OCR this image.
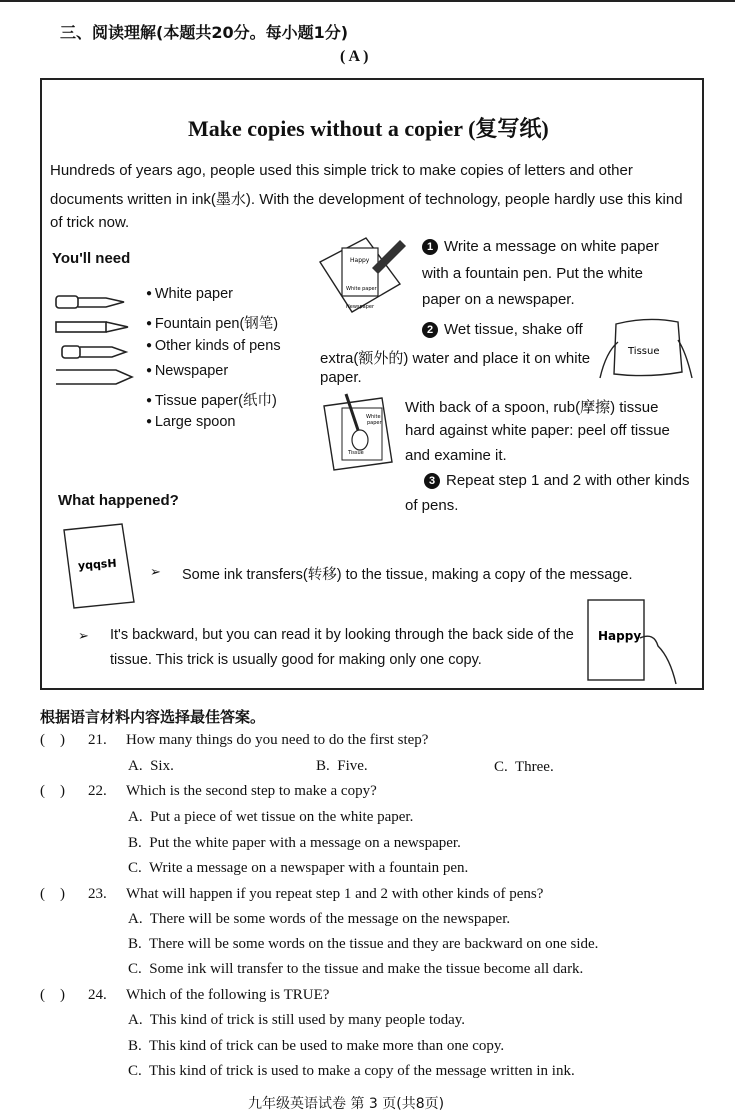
三、阅读理解(本题共20分。每小题1分)
( A )
Make copies without a copier (复写纸)
Hundreds of years ago, people used this simple trick to make copies of letters and other
documents written in ink(墨水). With the development of technology, people hardly use this kind
of trick now.
You'll need
● White paper
● Fountain pen(钢笔)
● Other kinds of pens
● Newspaper
● Tissue paper(纸巾)
● Large spoon
Happy
White paper
Newspaper
1 Write a message on white paper
with a fountain pen. Put the white
paper on a newspaper.
2 Wet tissue, shake off
extra(额外的) water and place it on white
paper.
Tissue
White
paper
Tissue
With back of a spoon, rub(摩擦) tissue
hard against white paper: peel off tissue
and examine it.
3 Repeat step 1 and 2 with other kinds
of pens.
What happened?
yqqsH	➢ Some ink transfers(转移) to the tissue, making a copy of the message.
➢ It's backward, but you can read it by looking through the back side of the
tissue. This trick is usually good for making only one copy.
Happy
根据语言材料内容选择最佳答案。
(    ) 21. How many things do you need to do the first step?
A.  Six.	B.  Five.	C.  Three.
(    ) 22. Which is the second step to make a copy?
A.  Put a piece of wet tissue on the white paper.
B.  Put the white paper with a message on a newspaper.
C.  Write a message on a newspaper with a fountain pen.
(    ) 23. What will happen if you repeat step 1 and 2 with other kinds of pens?
A.  There will be some words of the message on the newspaper.
B.  There will be some words on the tissue and they are backward on one side.
C.  Some ink will transfer to the tissue and make the tissue become all dark.
(    ) 24. Which of the following is TRUE?
A.  This kind of trick is still used by many people today.
B.  This kind of trick can be used to make more than one copy.
C.  This kind of trick is used to make a copy of the message written in ink.
九年级英语试卷 第 3 页(共8页)
